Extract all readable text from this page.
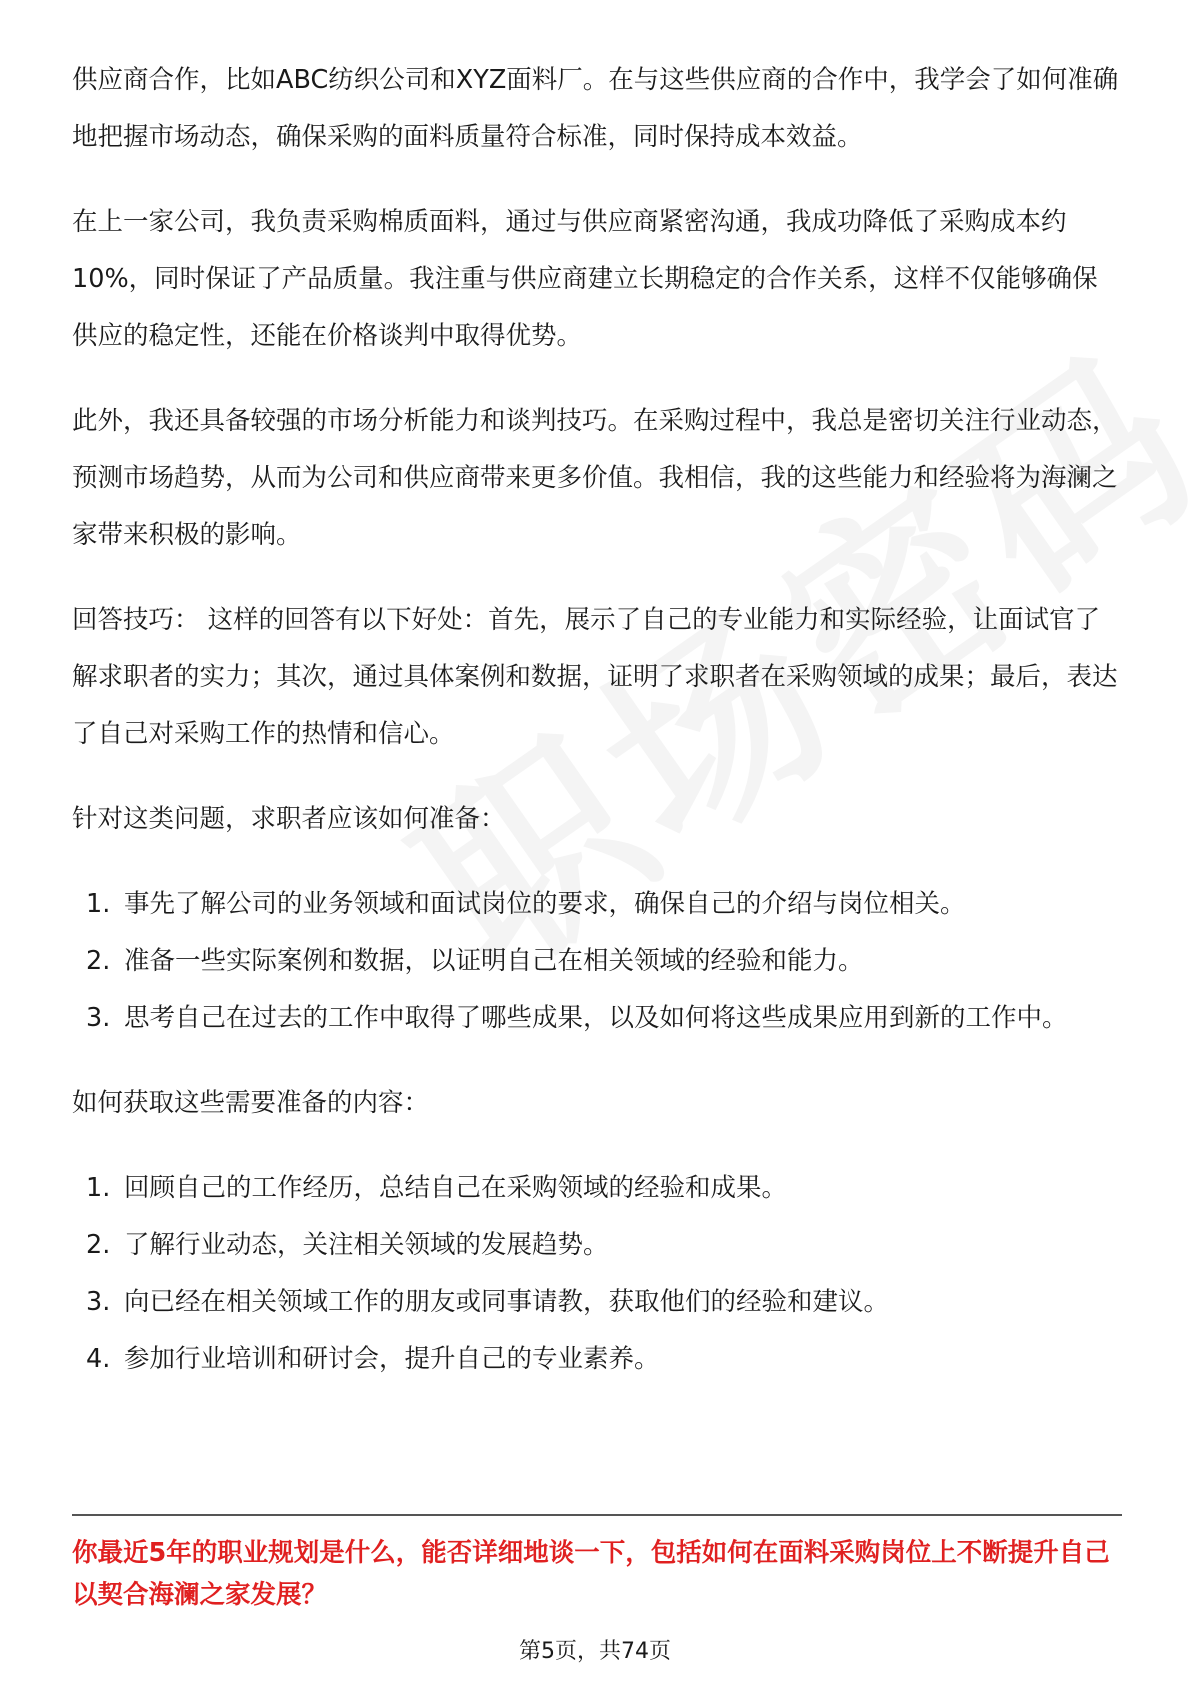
供应商合作，比如ABC纺织公司和XYZ面料厂。在与这些供应商的合作中，我学会了如何准确地把握市场动态，确保采购的面料质量符合标准，同时保持成本效益。

在上一家公司，我负责采购棉质面料，通过与供应商紧密沟通，我成功降低了采购成本约10%，同时保证了产品质量。我注重与供应商建立长期稳定的合作关系，这样不仅能够确保供应的稳定性，还能在价格谈判中取得优势。

此外，我还具备较强的市场分析能力和谈判技巧。在采购过程中，我总是密切关注行业动态，预测市场趋势，从而为公司和供应商带来更多价值。我相信，我的这些能力和经验将为海澜之家带来积极的影响。

回答技巧： 这样的回答有以下好处：首先，展示了自己的专业能力和实际经验，让面试官了解求职者的实力；其次，通过具体案例和数据，证明了求职者在采购领域的成果；最后，表达了自己对采购工作的热情和信心。

针对这类问题，求职者应该如何准备：

1. 事先了解公司的业务领域和面试岗位的要求，确保自己的介绍与岗位相关。
2. 准备一些实际案例和数据，以证明自己在相关领域的经验和能力。
3. 思考自己在过去的工作中取得了哪些成果，以及如何将这些成果应用到新的工作中。

如何获取这些需要准备的内容：

1. 回顾自己的工作经历，总结自己在采购领域的经验和成果。
2. 了解行业动态，关注相关领域的发展趋势。
3. 向已经在相关领域工作的朋友或同事请教，获取他们的经验和建议。
4. 参加行业培训和研讨会，提升自己的专业素养。
你最近5年的职业规划是什么，能否详细地谈一下，包括如何在面料采购岗位上不断提升自己以契合海澜之家发展？
第5页，共74页
